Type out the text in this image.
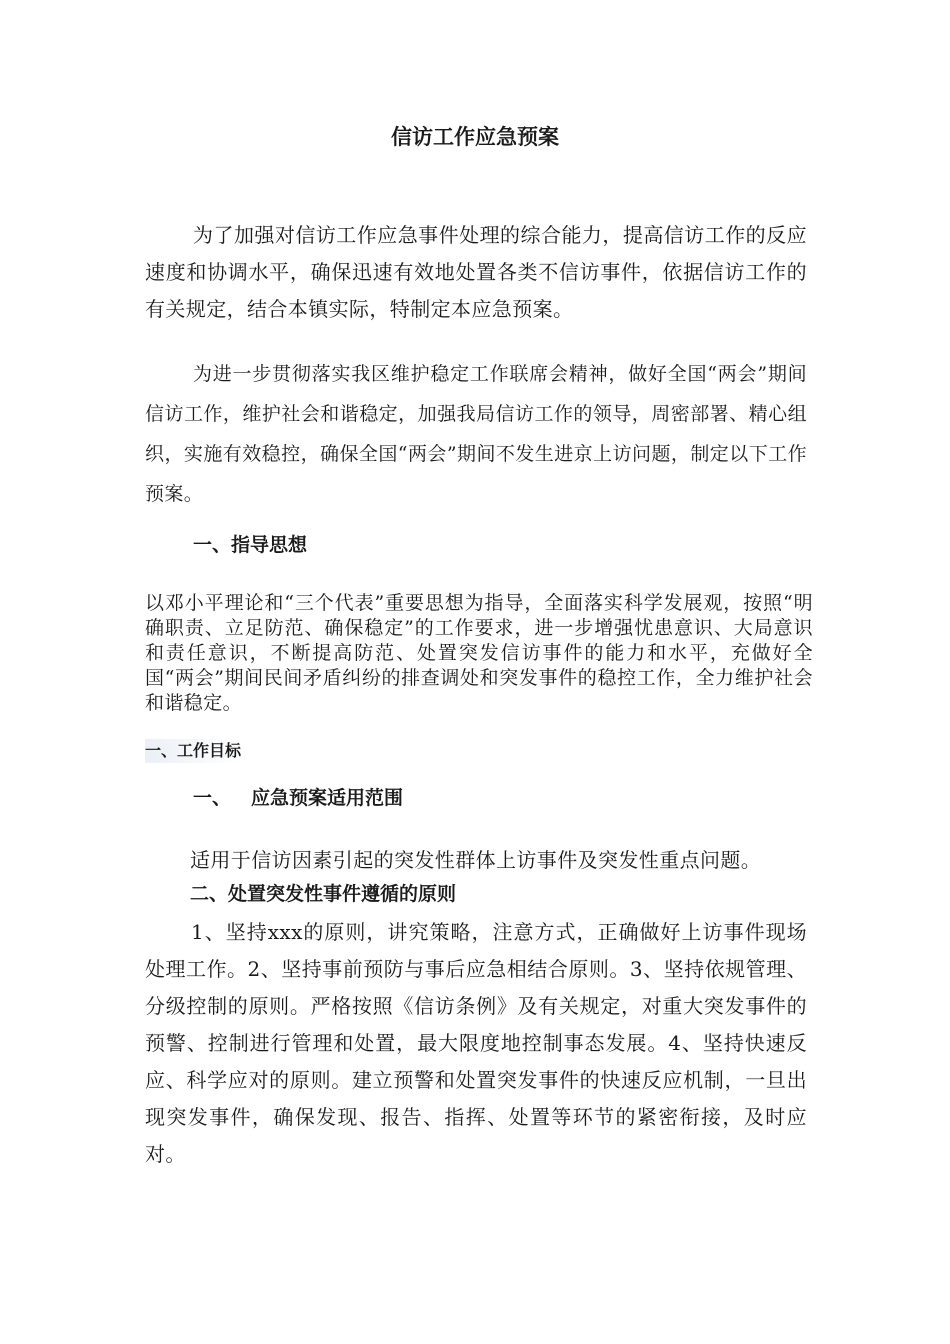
信访工作应急预案

为了加强对信访工作应急事件处理的综合能力，提高信访工作的反应速度和协调水平，确保迅速有效地处置各类不信访事件，依据信访工作的有关规定，结合本镇实际，特制定本应急预案。

为进一步贯彻落实我区维护稳定工作联席会精神，做好全国“两会”期间信访工作，维护社会和谐稳定，加强我局信访工作的领导，周密部署、精心组织，实施有效稳控，确保全国“两会”期间不发生进京上访问题，制定以下工作预案。

一、指导思想

以邓小平理论和“三个代表”重要思想为指导，全面落实科学发展观，按照“明确职责、立足防范、确保稳定”的工作要求，进一步增强忧患意识、大局意识和责任意识，不断提高防范、处置突发信访事件的能力和水平，充做好全国“两会”期间民间矛盾纠纷的排查调处和突发事件的稳控工作，全力维护社会和谐稳定。

一、工作目标
一、 应急预案适用范围

适用于信访因素引起的突发性群体上访事件及突发性重点问题。

二、处置突发性事件遵循的原则

1、坚持xxx的原则，讲究策略，注意方式，正确做好上访事件现场处理工作。2、坚持事前预防与事后应急相结合原则。3、坚持依规管理、分级控制的原则。严格按照《信访条例》及有关规定，对重大突发事件的预警、控制进行管理和处置，最大限度地控制事态发展。4、坚持快速反应、科学应对的原则。建立预警和处置突发事件的快速反应机制，一旦出现突发事件，确保发现、报告、指挥、处置等环节的紧密衔接，及时应对。
